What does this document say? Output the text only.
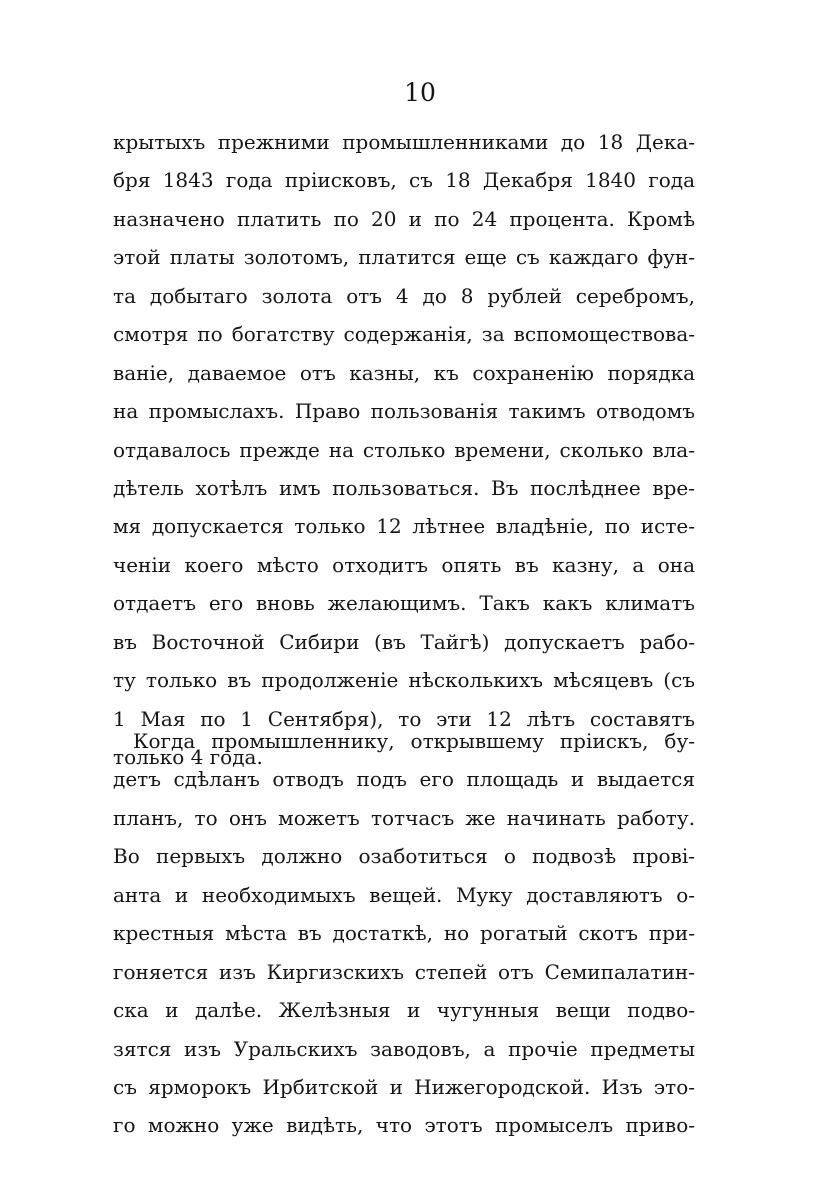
10
крытыхъ прежними промышленниками до 18 Дека-
бря 1843 года пріисковъ, съ 18 Декабря 1840 года
назначено платить по 20 и по 24 процента. Кромѣ
этой платы золотомъ, платится еще съ каждаго фун-
та добытаго золота отъ 4 до 8 рублей серебромъ,
смотря по богатству содержанія, за вспомоществова-
ваніе, даваемое отъ казны, къ сохраненію порядка
на промыслахъ. Право пользованія такимъ отводомъ
отдавалось прежде на столько времени, сколько вла-
дѣтель хотѣлъ имъ пользоваться. Въ послѣднее вре-
мя допускается только 12 лѣтнее владѣніе, по исте-
ченіи коего мѣсто отходитъ опять въ казну, а она
отдаетъ его вновь желающимъ. Такъ какъ климатъ
въ Восточной Сибири (въ Тайгѣ) допускаетъ рабо-
ту только въ продолженіе нѣсколькихъ мѣсяцевъ (съ
1 Мая по 1 Сентября), то эти 12 лѣтъ составятъ
только 4 года.
Когда промышленнику, открывшему пріискъ, бу-
детъ сдѣланъ отводъ подъ его площадь и выдается
планъ, то онъ можетъ тотчасъ же начинать работу.
Во первыхъ должно озаботиться о подвозѣ прові-
анта и необходимыхъ вещей. Муку доставляютъ о-
крестныя мѣста въ достаткѣ, но рогатый скотъ при-
гоняется изъ Киргизскихъ степей отъ Семипалатин-
ска и далѣе. Желѣзныя и чугунныя вещи подво-
зятся изъ Уральскихъ заводовъ, а прочіе предметы
съ ярморокъ Ирбитской и Нижегородской. Изъ это-
го можно уже видѣть, что этотъ промыселъ приво-
